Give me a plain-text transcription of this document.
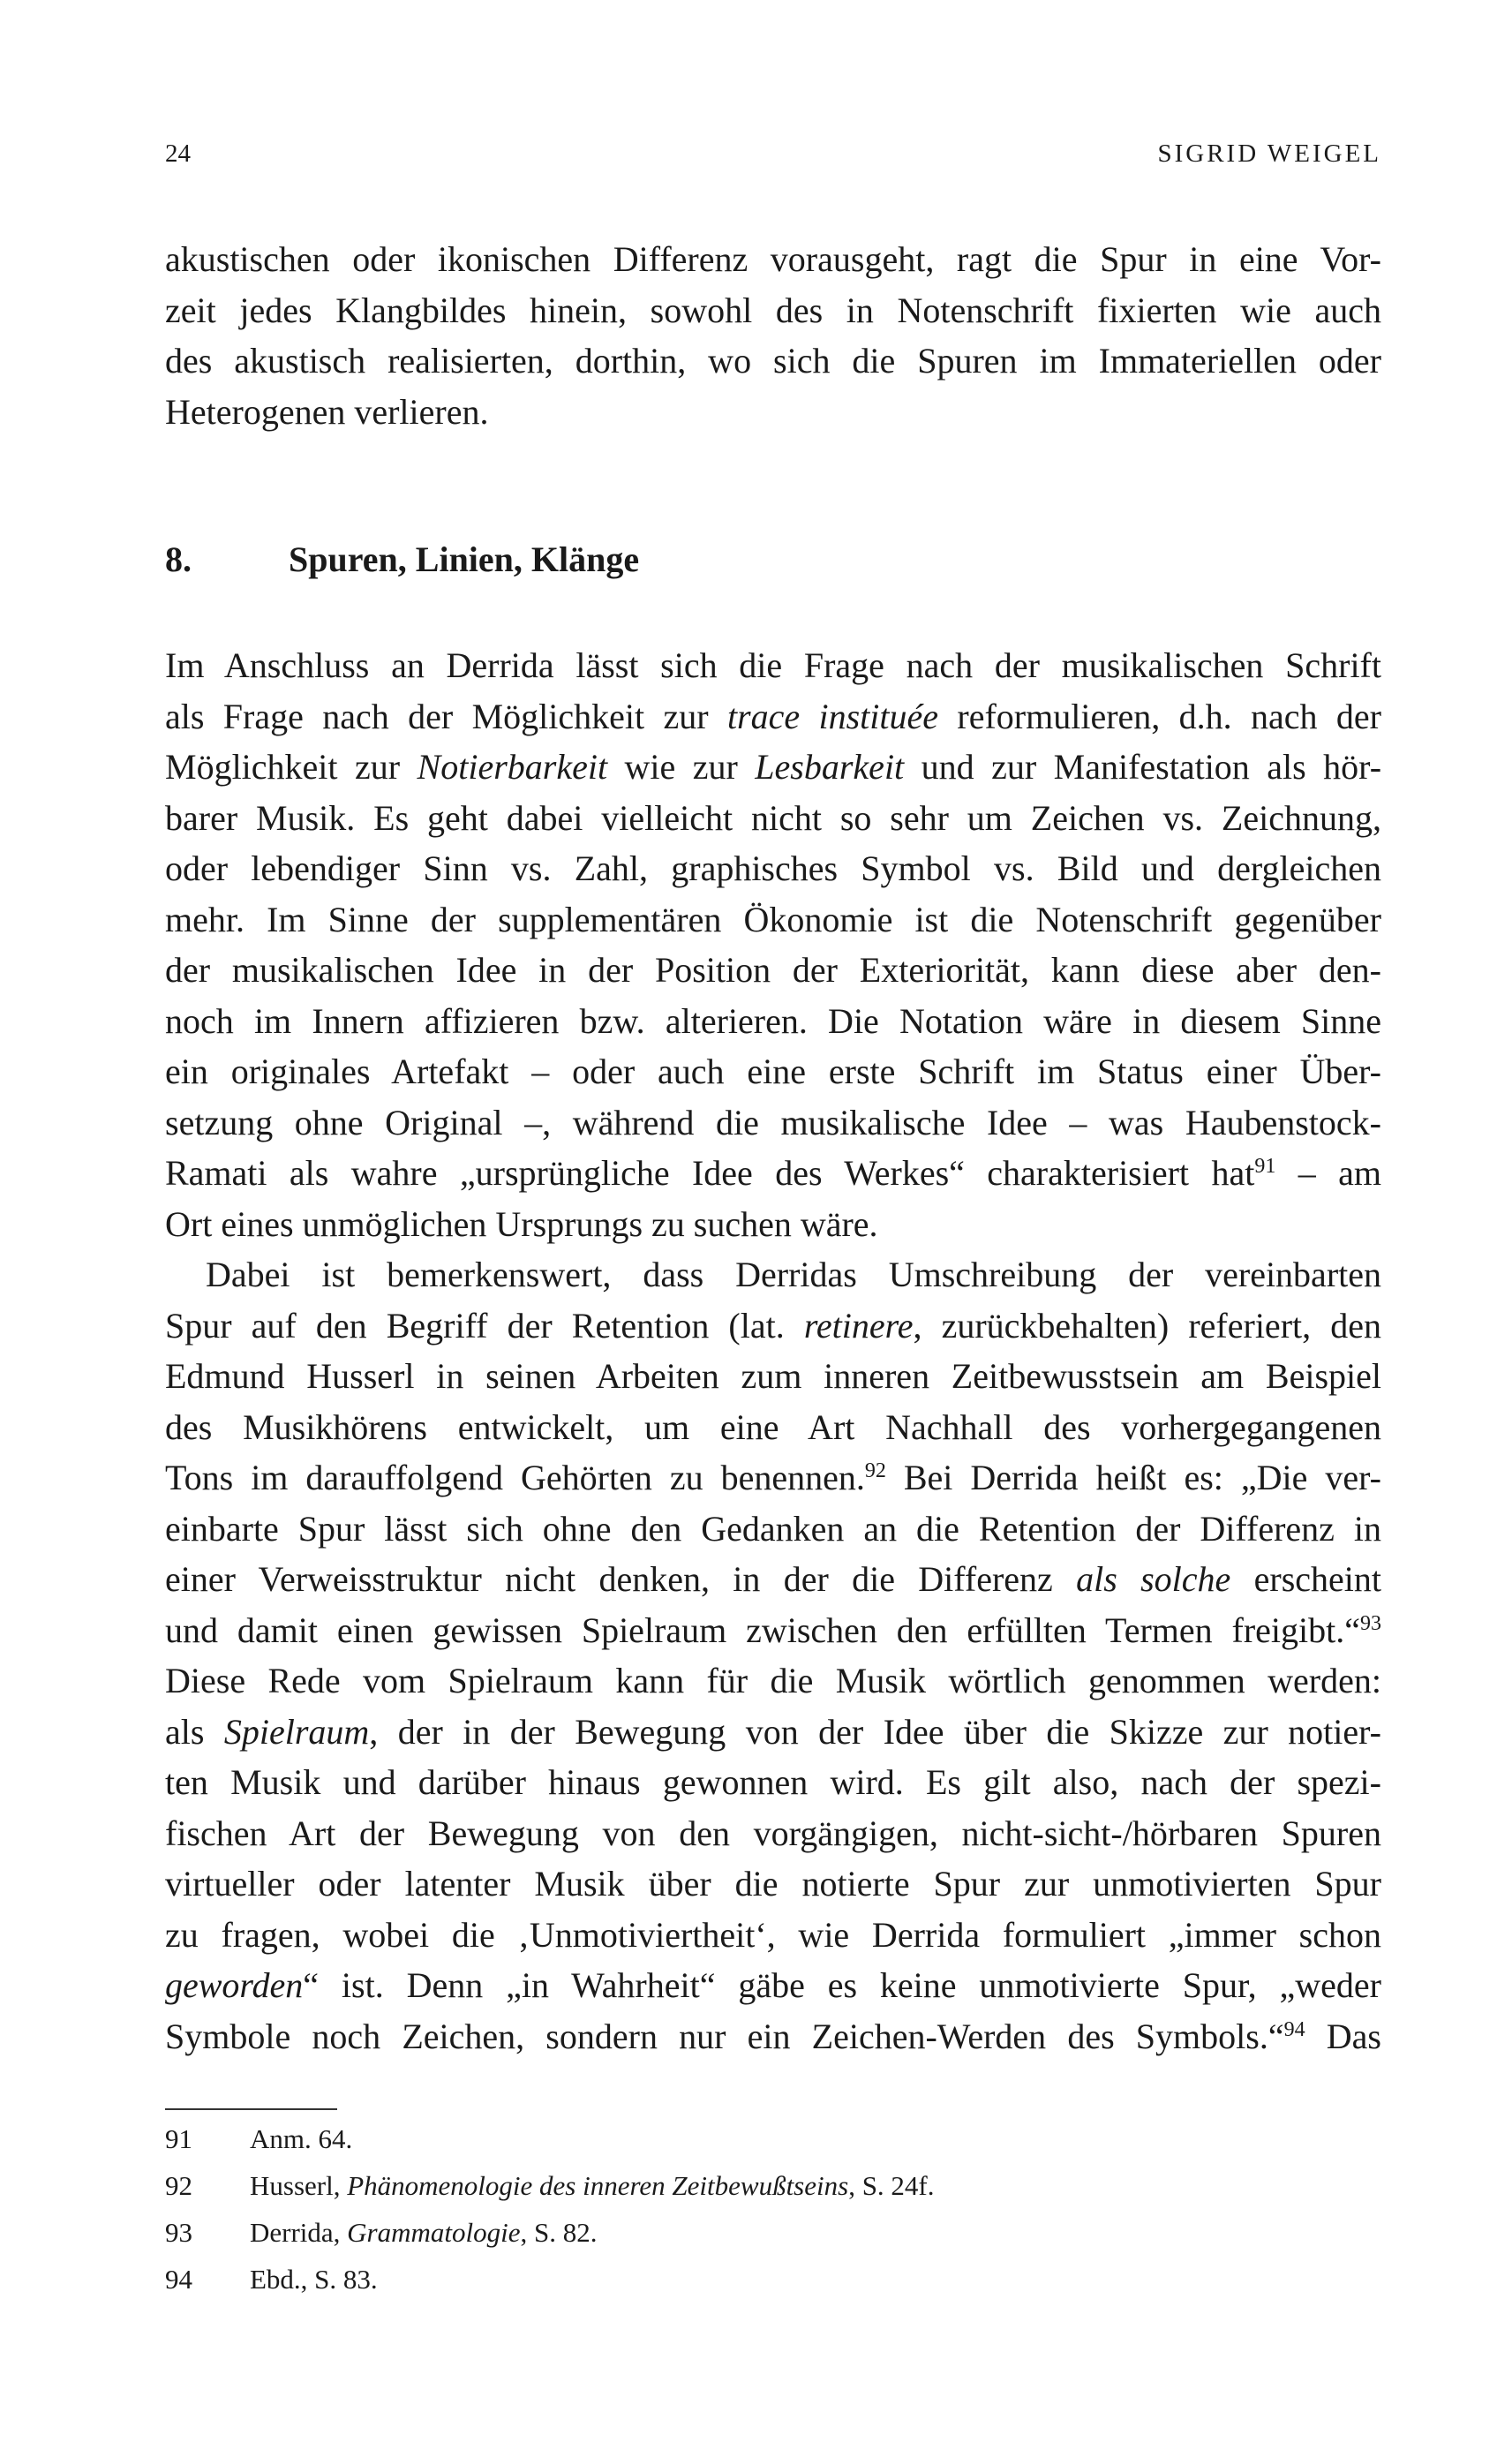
24	SIGRID WEIGEL
akustischen oder ikonischen Differenz vorausgeht, ragt die Spur in eine Vor-
zeit jedes Klangbildes hinein, sowohl des in Notenschrift fixierten wie auch
des akustisch realisierten, dorthin, wo sich die Spuren im Immateriellen oder
Heterogenen verlieren.
8.	Spuren, Linien, Klänge
Im Anschluss an Derrida lässt sich die Frage nach der musikalischen Schrift
als Frage nach der Möglichkeit zur trace instituée reformulieren, d.h. nach der
Möglichkeit zur Notierbarkeit wie zur Lesbarkeit und zur Manifestation als hör-
barer Musik. Es geht dabei vielleicht nicht so sehr um Zeichen vs. Zeichnung,
oder lebendiger Sinn vs. Zahl, graphisches Symbol vs. Bild und dergleichen
mehr. Im Sinne der supplementären Ökonomie ist die Notenschrift gegenüber
der musikalischen Idee in der Position der Exteriorität, kann diese aber den-
noch im Innern affizieren bzw. alterieren. Die Notation wäre in diesem Sinne
ein originales Artefakt – oder auch eine erste Schrift im Status einer Über-
setzung ohne Original –, während die musikalische Idee – was Haubenstock-
Ramati als wahre „ursprüngliche Idee des Werkes“ charakterisiert hat$^{91}$ – am
Ort eines unmöglichen Ursprungs zu suchen wäre.
Dabei ist bemerkenswert, dass Derridas Umschreibung der vereinbarten
Spur auf den Begriff der Retention (lat. retinere, zurückbehalten) referiert, den
Edmund Husserl in seinen Arbeiten zum inneren Zeitbewusstsein am Beispiel
des Musikhörens entwickelt, um eine Art Nachhall des vorhergegangenen
Tons im darauffolgend Gehörten zu benennen.$^{92}$ Bei Derrida heißt es: „Die ver-
einbarte Spur lässt sich ohne den Gedanken an die Retention der Differenz in
einer Verweisstruktur nicht denken, in der die Differenz als solche erscheint
und damit einen gewissen Spielraum zwischen den erfüllten Termen freigibt.“$^{93}$
Diese Rede vom Spielraum kann für die Musik wörtlich genommen werden:
als Spielraum, der in der Bewegung von der Idee über die Skizze zur notier-
ten Musik und darüber hinaus gewonnen wird. Es gilt also, nach der spezi-
fischen Art der Bewegung von den vorgängigen, nicht-sicht-/hörbaren Spuren
virtueller oder latenter Musik über die notierte Spur zur unmotivierten Spur
zu fragen, wobei die ‚Unmotiviertheit‘, wie Derrida formuliert „immer schon
geworden“ ist. Denn „in Wahrheit“ gäbe es keine unmotivierte Spur, „weder
Symbole noch Zeichen, sondern nur ein Zeichen-Werden des Symbols.“$^{94}$ Das
91 Anm. 64.
92 Husserl, Phänomenologie des inneren Zeitbewußtseins, S. 24f.
93 Derrida, Grammatologie, S. 82.
94 Ebd., S. 83.
